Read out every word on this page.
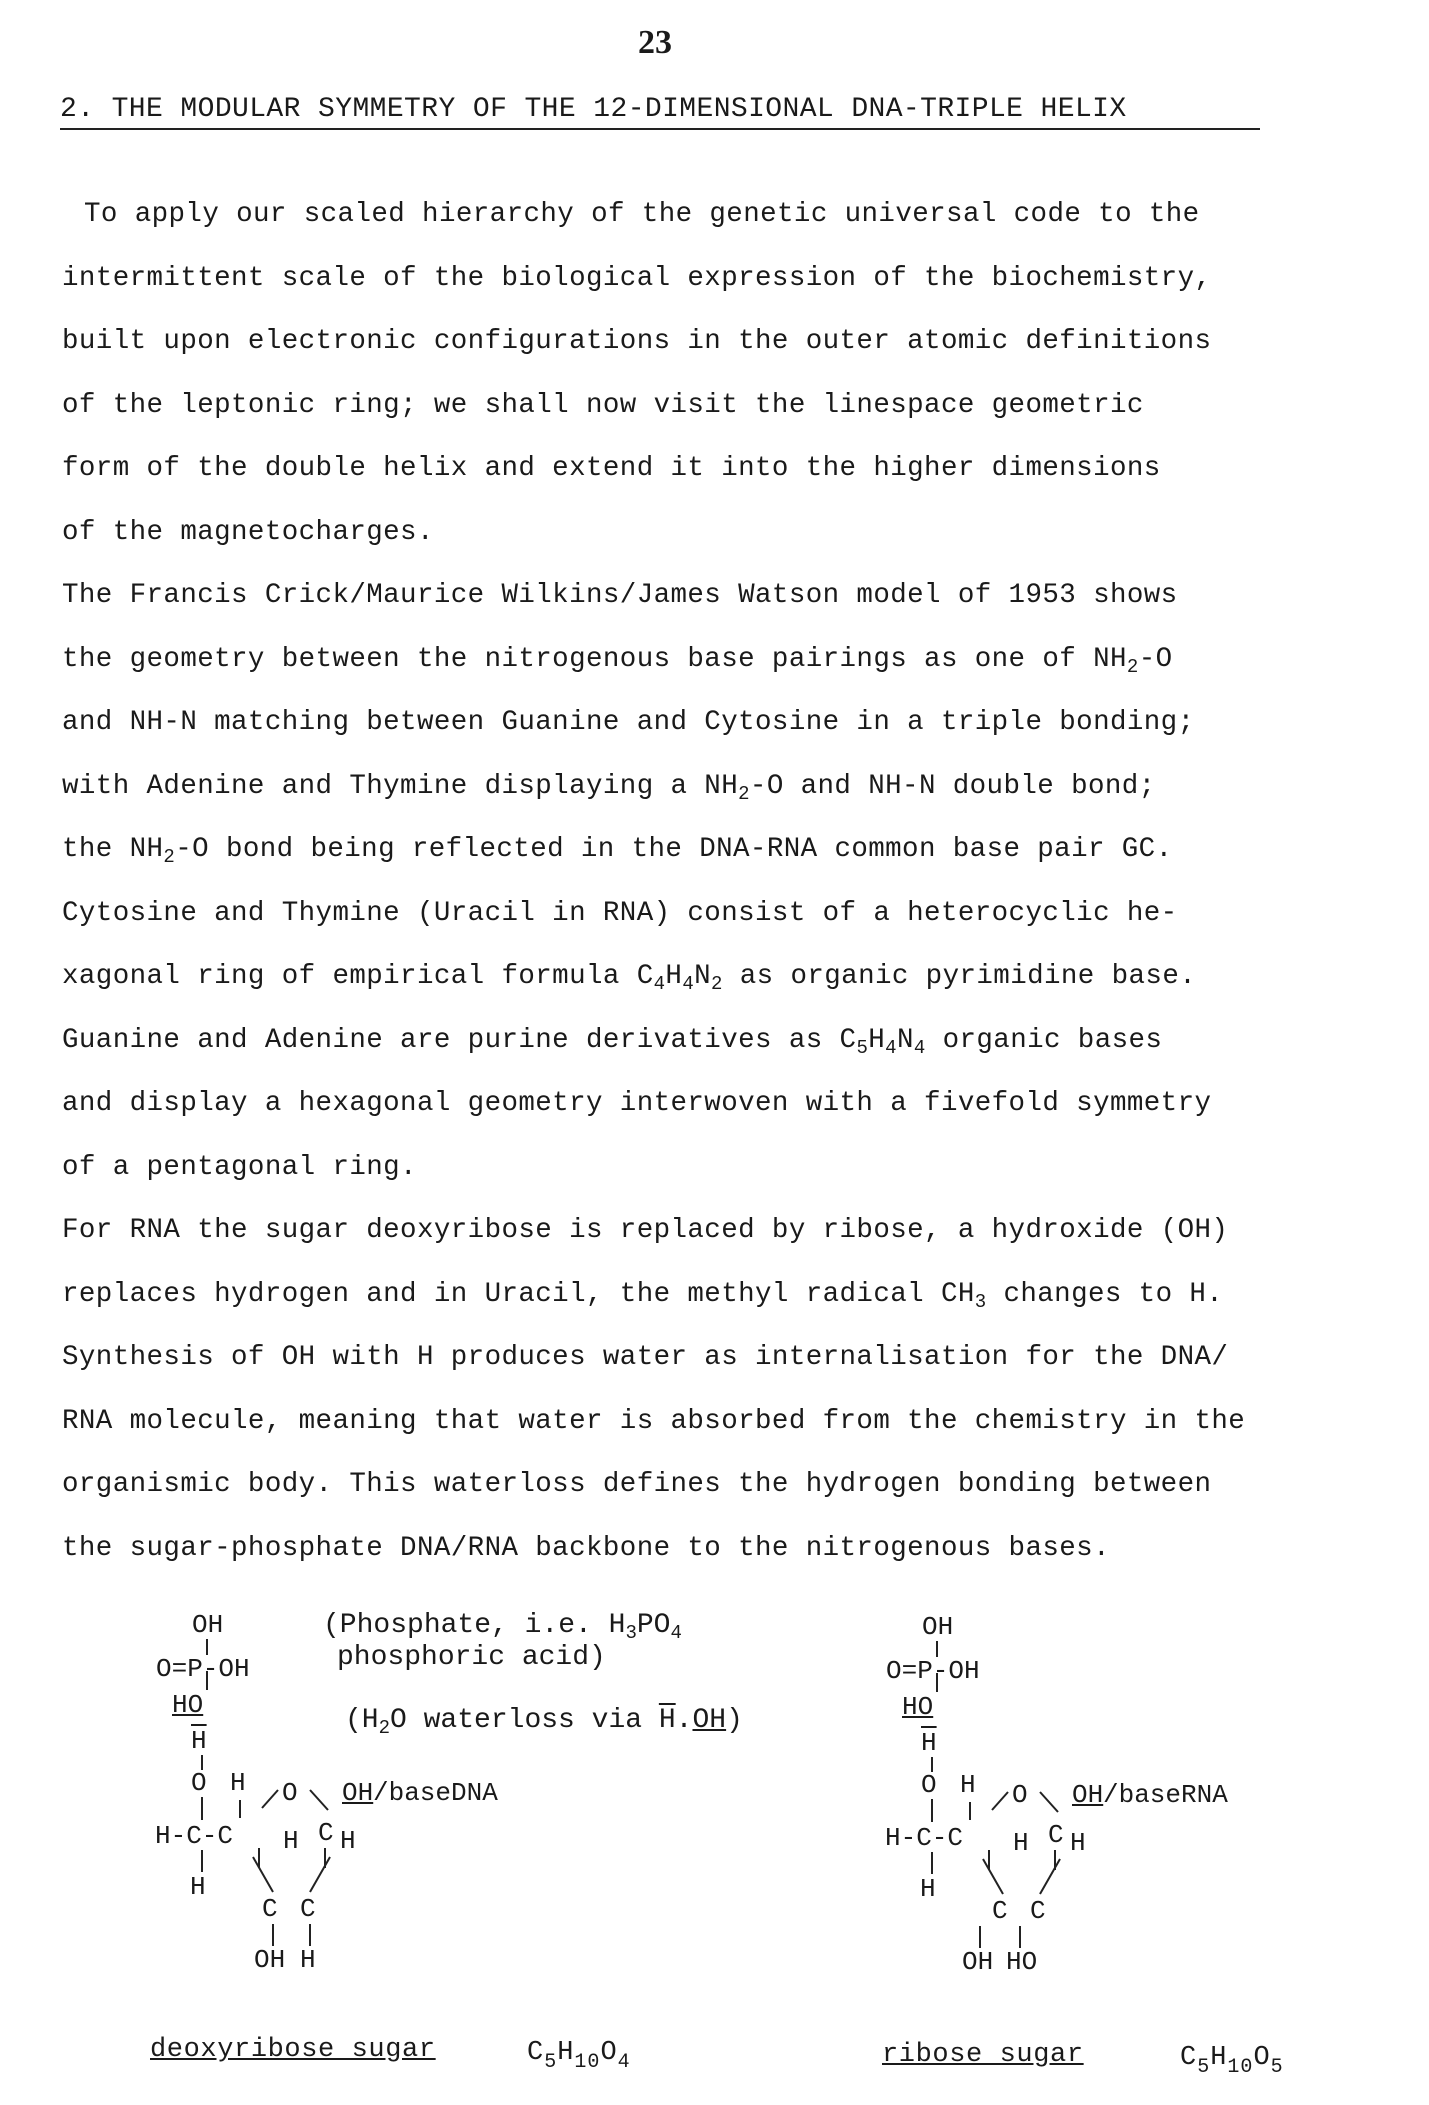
23
2. THE MODULAR SYMMETRY OF THE 12-DIMENSIONAL DNA-TRIPLE HELIX
To apply our scaled hierarchy of the genetic universal code to the
intermittent scale of the biological expression of the biochemistry,
built upon electronic configurations in the outer atomic definitions
of the leptonic ring; we shall now visit the linespace geometric
form of the double helix and extend it into the higher dimensions
of the magnetocharges.
The Francis Crick/Maurice Wilkins/James Watson model of 1953 shows
the geometry between the nitrogenous base pairings as one of $NH_2-O$
and NH-N matching between Guanine and Cytosine in a triple bonding;
with Adenine and Thymine displaying a $NH_2-O$ and NH-N double bond;
the $NH_2-O$ bond being reflected in the DNA-RNA common base pair GC.
Cytosine and Thymine (Uracil in RNA) consist of a heterocyclic he-
xagonal ring of empirical formula $C_4H_4N_2$ as organic pyrimidine base.
Guanine and Adenine are purine derivatives as $C_5H_4N_4$ organic bases
and display a hexagonal geometry interwoven with a fivefold symmetry
of a pentagonal ring.
For RNA the sugar deoxyribose is replaced by ribose, a hydroxide (OH)
replaces hydrogen and in Uracil, the methyl radical $CH_3$ changes to H.
Synthesis of OH with H produces water as internalisation for the DNA/
RNA molecule, meaning that water is absorbed from the chemistry in the
organismic body. This waterloss defines the hydrogen bonding between
the sugar-phosphate DNA/RNA backbone to the nitrogenous bases.
OH
O=P-OH
HO
$\overline{H}$
O H O OH /baseDNA
H-C-C H C H
H
C C
OH H
(Phosphate, i.e. $H_3PO_4$
phosphoric acid)
($H_2O$ waterloss via $\overline{H}.OH$)
OH
O=P-OH
HO
$\overline{H}$
O H O OH /baseRNA
H-C-C H C H
H
C C
OH HO
deoxyribose sugar	$C_5H_{10}O_4$	ribose sugar	$C_5H_{10}O_5$
